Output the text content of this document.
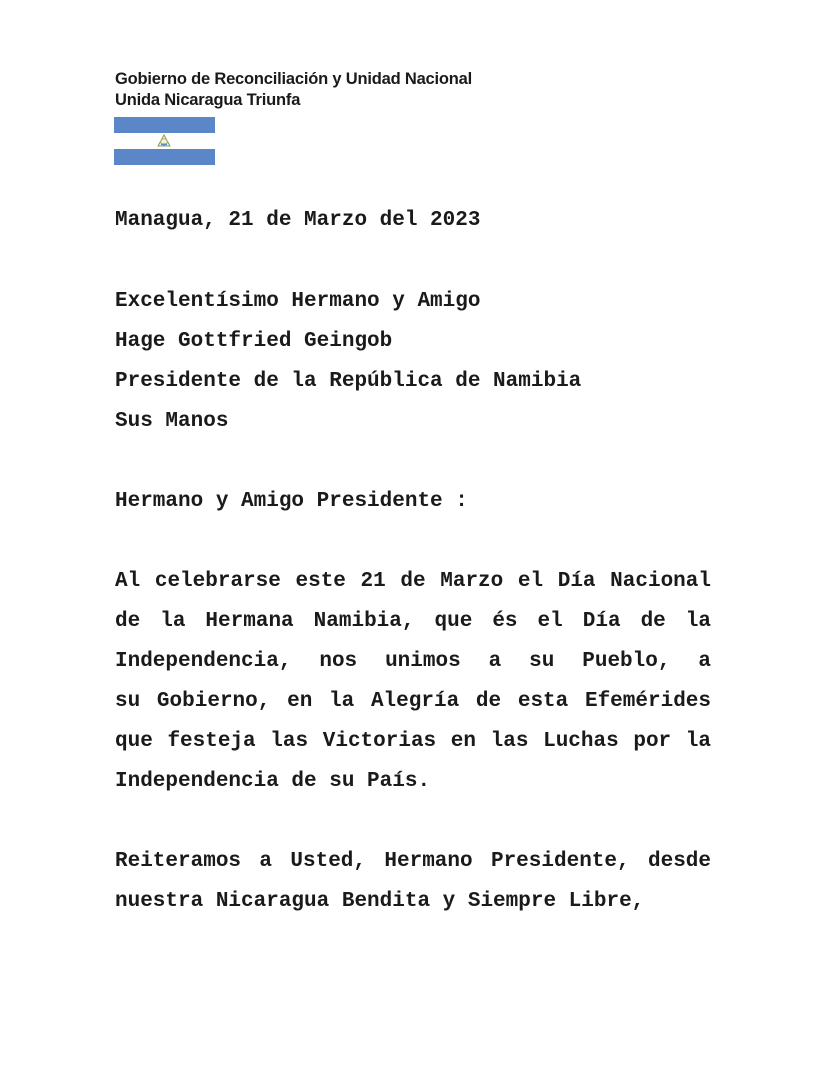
Gobierno de Reconciliación y Unidad Nacional
Unida Nicaragua Triunfa
Managua, 21 de Marzo del 2023
Excelentísimo Hermano y Amigo
Hage Gottfried Geingob
Presidente de la República de Namibia
Sus Manos
Hermano y Amigo Presidente :
Al celebrarse este 21 de Marzo el Día Nacional
de la Hermana Namibia, que és el Día de la
Independencia, nos unimos a su Pueblo, a
su Gobierno, en la Alegría de esta Efemérides
que festeja las Victorias en las Luchas por la
Independencia de su País.
Reiteramos a Usted, Hermano Presidente, desde
nuestra Nicaragua Bendita y Siempre Libre,
